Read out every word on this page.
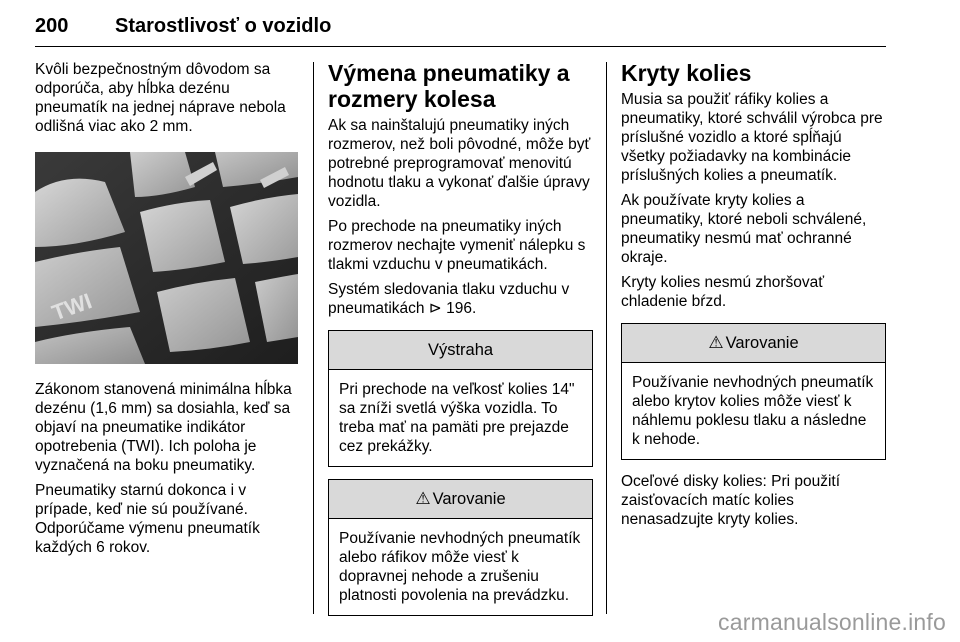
200 Starostlivosť o vozidlo

Kvôli bezpečnostným dôvodom sa odporúča, aby hĺbka dezénu pneumatík na jednej náprave nebola odlišná viac ako 2 mm.

TWI

Zákonom stanovená minimálna hĺbka dezénu (1,6 mm) sa dosiahla, keď sa objaví na pneumatike indikátor opotrebenia (TWI). Ich poloha je vyznačená na boku pneumatiky.

Pneumatiky starnú dokonca i v prípade, keď nie sú používané. Odporúčame výmenu pneumatík každých 6 rokov.

Výmena pneumatiky a rozmery kolesa

Ak sa nainštalujú pneumatiky iných rozmerov, než boli pôvodné, môže byť potrebné preprogramovať menovitú hodnotu tlaku a vykonať ďalšie úpravy vozidla.

Po prechode na pneumatiky iných rozmerov nechajte vymeniť nálepku s tlakmi vzduchu v pneumatikách.

Systém sledovania tlaku vzduchu v pneumatikách ⊳ 196.

Výstraha
Pri prechode na veľkosť kolies 14" sa zníži svetlá výška vozidla. To treba mať na pamäti pre prejazde cez prekážky.
⚠ Varovanie
Používanie nevhodných pneumatík alebo ráfikov môže viesť k dopravnej nehode a zrušeniu platnosti povolenia na prevádzku.
Kryty kolies

Musia sa použiť ráfiky kolies a pneumatiky, ktoré schválil výrobca pre príslušné vozidlo a ktoré spĺňajú všetky požiadavky na kombinácie príslušných kolies a pneumatík.

Ak používate kryty kolies a pneumatiky, ktoré neboli schválené, pneumatiky nesmú mať ochranné okraje.

Kryty kolies nesmú zhoršovať chladenie bŕzd.

⚠ Varovanie
Používanie nevhodných pneumatík alebo krytov kolies môže viesť k náhlemu poklesu tlaku a následne k nehode.

Oceľové disky kolies: Pri použití zaisťovacích matíc kolies nenasadzujte kryty kolies.

carmanualsonline.info
